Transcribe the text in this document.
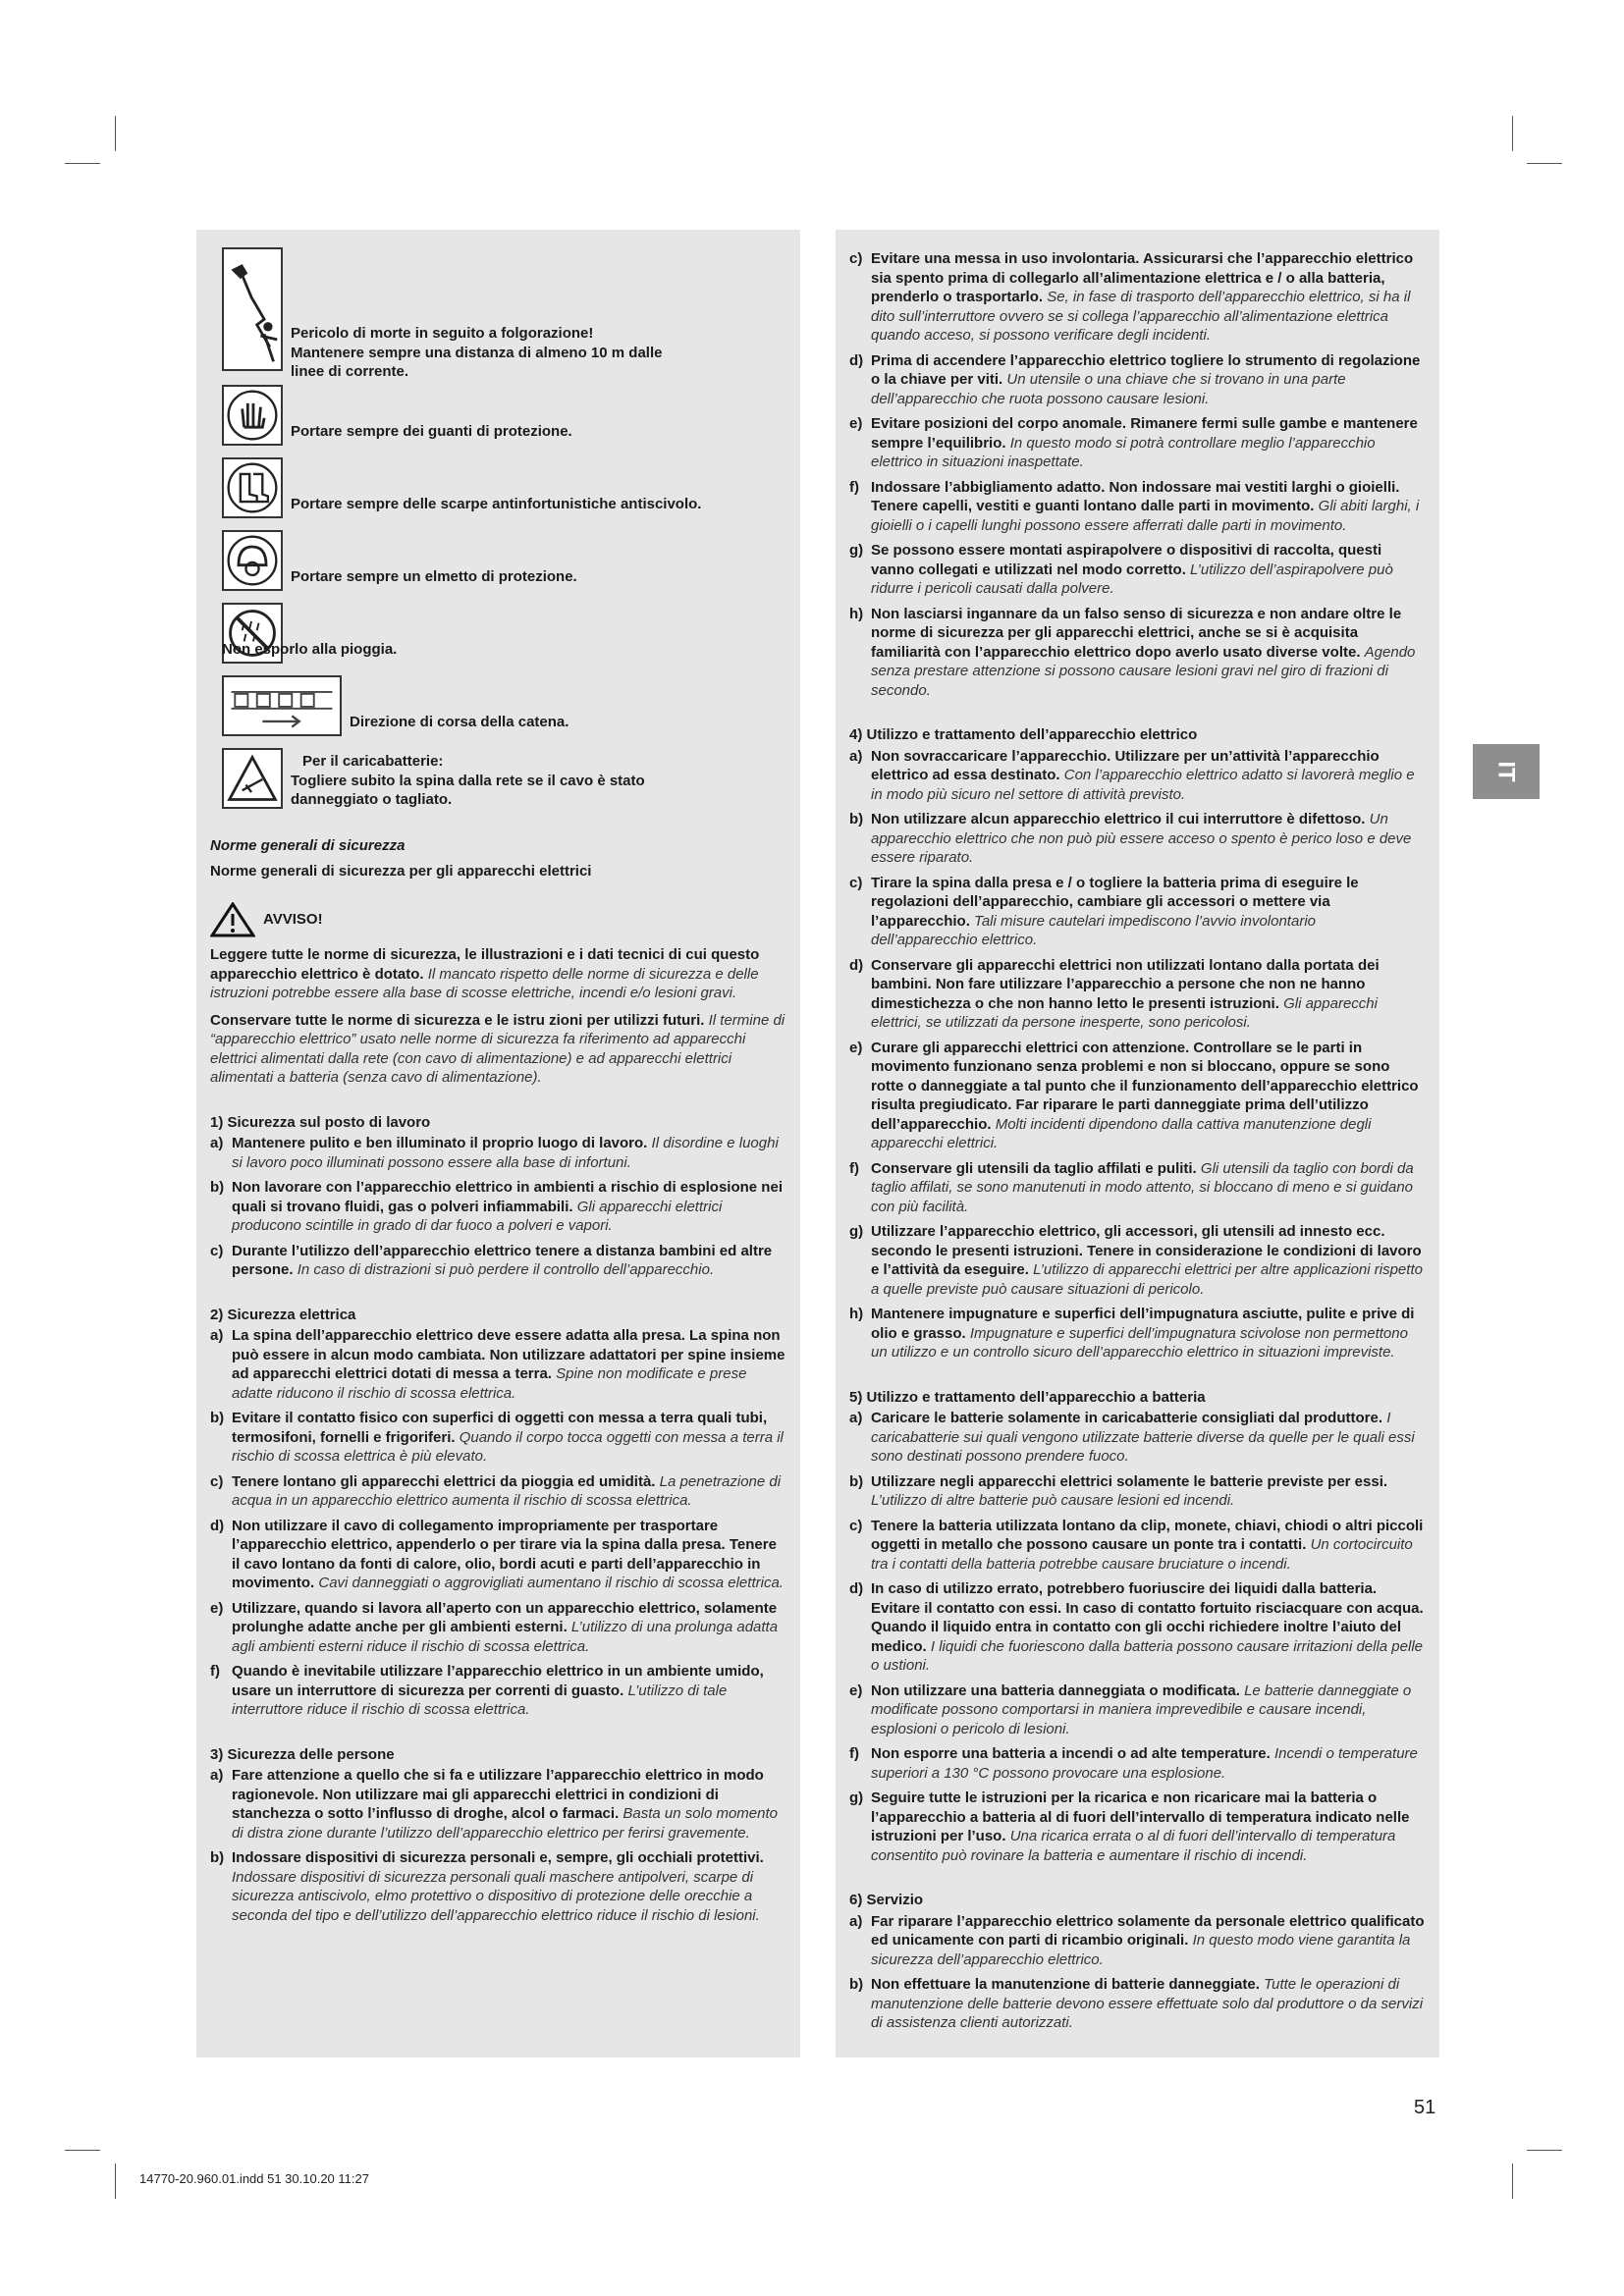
Pericolo di morte in seguito a folgorazione!
Mantenere sempre una distanza di almeno 10 m dalle
linee di corrente.
Portare sempre dei guanti di protezione.
Portare sempre delle scarpe antinfortunistiche antiscivolo.
Portare sempre un elmetto di protezione.
Non esporlo alla pioggia.
Direzione di corsa della catena.
Per il caricabatterie:
Togliere subito la spina dalla rete se il cavo è stato
danneggiato o tagliato.
Norme generali di sicurezza
Norme generali di sicurezza per gli apparecchi elettrici
AVVISO!
Leggere tutte le norme di sicurezza, le illustrazioni e i dati tecnici di cui questo apparecchio elettrico è dotato. Il mancato rispetto delle norme di sicurezza e delle istruzioni potrebbe essere alla base di scosse elettriche, incendi e/o lesioni gravi.
Conservare tutte le norme di sicurezza e le istru zioni per utilizzi futuri. Il termine di “apparecchio elettrico” usato nelle norme di sicurezza fa riferimento ad apparecchi elettrici alimentati dalla rete (con cavo di alimentazione) e ad apparecchi elettrici alimentati a batteria (senza cavo di alimentazione).
1) Sicurezza sul posto di lavoro
a) Mantenere pulito e ben illuminato il proprio luogo di lavoro. Il disordine e luoghi si lavoro poco illuminati possono essere alla base di infortuni.
b) Non lavorare con l’apparecchio elettrico in ambienti a rischio di esplosione nei quali si trovano fluidi, gas o polveri infiammabili. Gli apparecchi elettrici producono scintille in grado di dar fuoco a polveri e vapori.
c) Durante l’utilizzo dell’apparecchio elettrico tenere a distanza bambini ed altre persone. In caso di distrazioni si può perdere il controllo dell’apparecchio.
2) Sicurezza elettrica
a) La spina dell’apparecchio elettrico deve essere adatta alla presa. La spina non può essere in alcun modo cambiata. Non utilizzare adattatori per spine insieme ad apparecchi elettrici dotati di messa a terra. Spine non modificate e prese adatte riducono il rischio di scossa elettrica.
b) Evitare il contatto fisico con superfici di oggetti con messa a terra quali tubi, termosifoni, fornelli e frigoriferi. Quando il corpo tocca oggetti con messa a terra il rischio di scossa elettrica è più elevato.
c) Tenere lontano gli apparecchi elettrici da pioggia ed umidità. La penetrazione di acqua in un apparecchio elettrico aumenta il rischio di scossa elettrica.
d) Non utilizzare il cavo di collegamento impropriamente per trasportare l’apparecchio elettrico, appenderlo o per tirare via la spina dalla presa. Tenere il cavo lontano da fonti di calore, olio, bordi acuti e parti dell’apparecchio in movimento. Cavi danneggiati o aggrovigliati aumentano il rischio di scossa elettrica.
e) Utilizzare, quando si lavora all’aperto con un apparecchio elettrico, solamente prolunghe adatte anche per gli ambienti esterni. L’utilizzo di una prolunga adatta agli ambienti esterni riduce il rischio di scossa elettrica.
f) Quando è inevitabile utilizzare l’apparecchio elettrico in un ambiente umido, usare un interruttore di sicurezza per correnti di guasto. L’utilizzo di tale interruttore riduce il rischio di scossa elettrica.
3) Sicurezza delle persone
a) Fare attenzione a quello che si fa e utilizzare l’apparecchio elettrico in modo ragionevole. Non utilizzare mai gli apparecchi elettrici in condizioni di stanchezza o sotto l’influsso di droghe, alcol o farmaci. Basta un solo momento di distra zione durante l’utilizzo dell’apparecchio elettrico per ferirsi gravemente.
b) Indossare dispositivi di sicurezza personali e, sempre, gli occhiali protettivi. Indossare dispositivi di sicurezza personali quali maschere antipolveri, scarpe di sicurezza antiscivolo, elmo protettivo o dispositivo di protezione delle orecchie a seconda del tipo e dell’utilizzo dell’apparecchio elettrico riduce il rischio di lesioni.
c) Evitare una messa in uso involontaria. Assicurarsi che l’apparecchio elettrico sia spento prima di collegarlo all’alimentazione elettrica e / o alla batteria, prenderlo o trasportarlo. Se, in fase di trasporto dell’apparecchio elettrico, si ha il dito sull’interruttore ovvero se si collega l’apparecchio all’alimentazione elettrica quando acceso, si possono verificare degli incidenti.
d) Prima di accendere l’apparecchio elettrico togliere lo strumento di regolazione o la chiave per viti. Un utensile o una chiave che si trovano in una parte dell’apparecchio che ruota possono causare lesioni.
e) Evitare posizioni del corpo anomale. Rimanere fermi sulle gambe e mantenere sempre l’equilibrio. In questo modo si potrà controllare meglio l’apparecchio elettrico in situazioni inaspettate.
f) Indossare l’abbigliamento adatto. Non indossare mai vestiti larghi o gioielli. Tenere capelli, vestiti e guanti lontano dalle parti in movimento. Gli abiti larghi, i gioielli o i capelli lunghi possono essere afferrati dalle parti in movimento.
g) Se possono essere montati aspirapolvere o dispositivi di raccolta, questi vanno collegati e utilizzati nel modo corretto. L’utilizzo dell’aspirapolvere può ridurre i pericoli causati dalla polvere.
h) Non lasciarsi ingannare da un falso senso di sicurezza e non andare oltre le norme di sicurezza per gli apparecchi elettrici, anche se si è acquisita familiarità con l’apparecchio elettrico dopo averlo usato diverse volte. Agendo senza prestare attenzione si possono causare lesioni gravi nel giro di frazioni di secondo.
4) Utilizzo e trattamento dell’apparecchio elettrico
a) Non sovraccaricare l’apparecchio. Utilizzare per un’attività l’apparecchio elettrico ad essa destinato. Con l’apparecchio elettrico adatto si lavorerà meglio e in modo più sicuro nel settore di attività previsto.
b) Non utilizzare alcun apparecchio elettrico il cui interruttore è difettoso. Un apparecchio elettrico che non può più essere acceso o spento è perico loso e deve essere riparato.
c) Tirare la spina dalla presa e / o togliere la batteria prima di eseguire le regolazioni dell’apparecchio, cambiare gli accessori o mettere via l’apparecchio. Tali misure cautelari impediscono l’avvio involontario dell’apparecchio elettrico.
d) Conservare gli apparecchi elettrici non utilizzati lontano dalla portata dei bambini. Non fare utilizzare l’apparecchio a persone che non ne hanno dimestichezza o che non hanno letto le presenti istruzioni. Gli apparecchi elettrici, se utilizzati da persone inesperte, sono pericolosi.
e) Curare gli apparecchi elettrici con attenzione. Controllare se le parti in movimento funzionano senza problemi e non si bloccano, oppure se sono rotte o danneggiate a tal punto che il funzionamento dell’apparecchio elettrico risulta pregiudicato. Far riparare le parti danneggiate prima dell’utilizzo dell’apparecchio. Molti incidenti dipendono dalla cattiva manutenzione degli apparecchi elettrici.
f) Conservare gli utensili da taglio affilati e puliti. Gli utensili da taglio con bordi da taglio affilati, se sono manutenuti in modo attento, si bloccano di meno e si guidano con più facilità.
g) Utilizzare l’apparecchio elettrico, gli accessori, gli utensili ad innesto ecc. secondo le presenti istruzioni. Tenere in considerazione le condizioni di lavoro e l’attività da eseguire. L’utilizzo di apparecchi elettrici per altre applicazioni rispetto a quelle previste può causare situazioni di pericolo.
h) Mantenere impugnature e superfici dell’impugnatura asciutte, pulite e prive di olio e grasso. Impugnature e superfici dell’impugnatura scivolose non permettono un utilizzo e un controllo sicuro dell’apparecchio elettrico in situazioni impreviste.
5) Utilizzo e trattamento dell’apparecchio a batteria
a) Caricare le batterie solamente in caricabatterie consigliati dal produttore. I caricabatterie sui quali vengono utilizzate batterie diverse da quelle per le quali essi sono destinati possono prendere fuoco.
b) Utilizzare negli apparecchi elettrici solamente le batterie previste per essi. L’utilizzo di altre batterie può causare lesioni ed incendi.
c) Tenere la batteria utilizzata lontano da clip, monete, chiavi, chiodi o altri piccoli oggetti in metallo che possono causare un ponte tra i contatti. Un cortocircuito tra i contatti della batteria potrebbe causare bruciature o incendi.
d) In caso di utilizzo errato, potrebbero fuoriuscire dei liquidi dalla batteria. Evitare il contatto con essi. In caso di contatto fortuito risciacquare con acqua. Quando il liquido entra in contatto con gli occhi richiedere inoltre l’aiuto del medico. I liquidi che fuoriescono dalla batteria possono causare irritazioni della pelle o ustioni.
e) Non utilizzare una batteria danneggiata o modificata. Le batterie danneggiate o modificate possono comportarsi in maniera imprevedibile e causare incendi, esplosioni o pericolo di lesioni.
f) Non esporre una batteria a incendi o ad alte temperature. Incendi o temperature superiori a 130 °C possono provocare una esplosione.
g) Seguire tutte le istruzioni per la ricarica e non ricaricare mai la batteria o l’apparecchio a batteria al di fuori dell’intervallo di temperatura indicato nelle istruzioni per l’uso. Una ricarica errata o al di fuori dell’intervallo di temperatura consentito può rovinare la batteria e aumentare il rischio di incendi.
6) Servizio
a) Far riparare l’apparecchio elettrico solamente da personale elettrico qualificato ed unicamente con parti di ricambio originali. In questo modo viene garantita la sicurezza dell’apparecchio elettrico.
b) Non effettuare la manutenzione di batterie danneggiate. Tutte le operazioni di manutenzione delle batterie devono essere effettuate solo dal produttore o da servizi di assistenza clienti autorizzati.
IT
51
14770-20.960.01.indd 51 30.10.20 11:27
